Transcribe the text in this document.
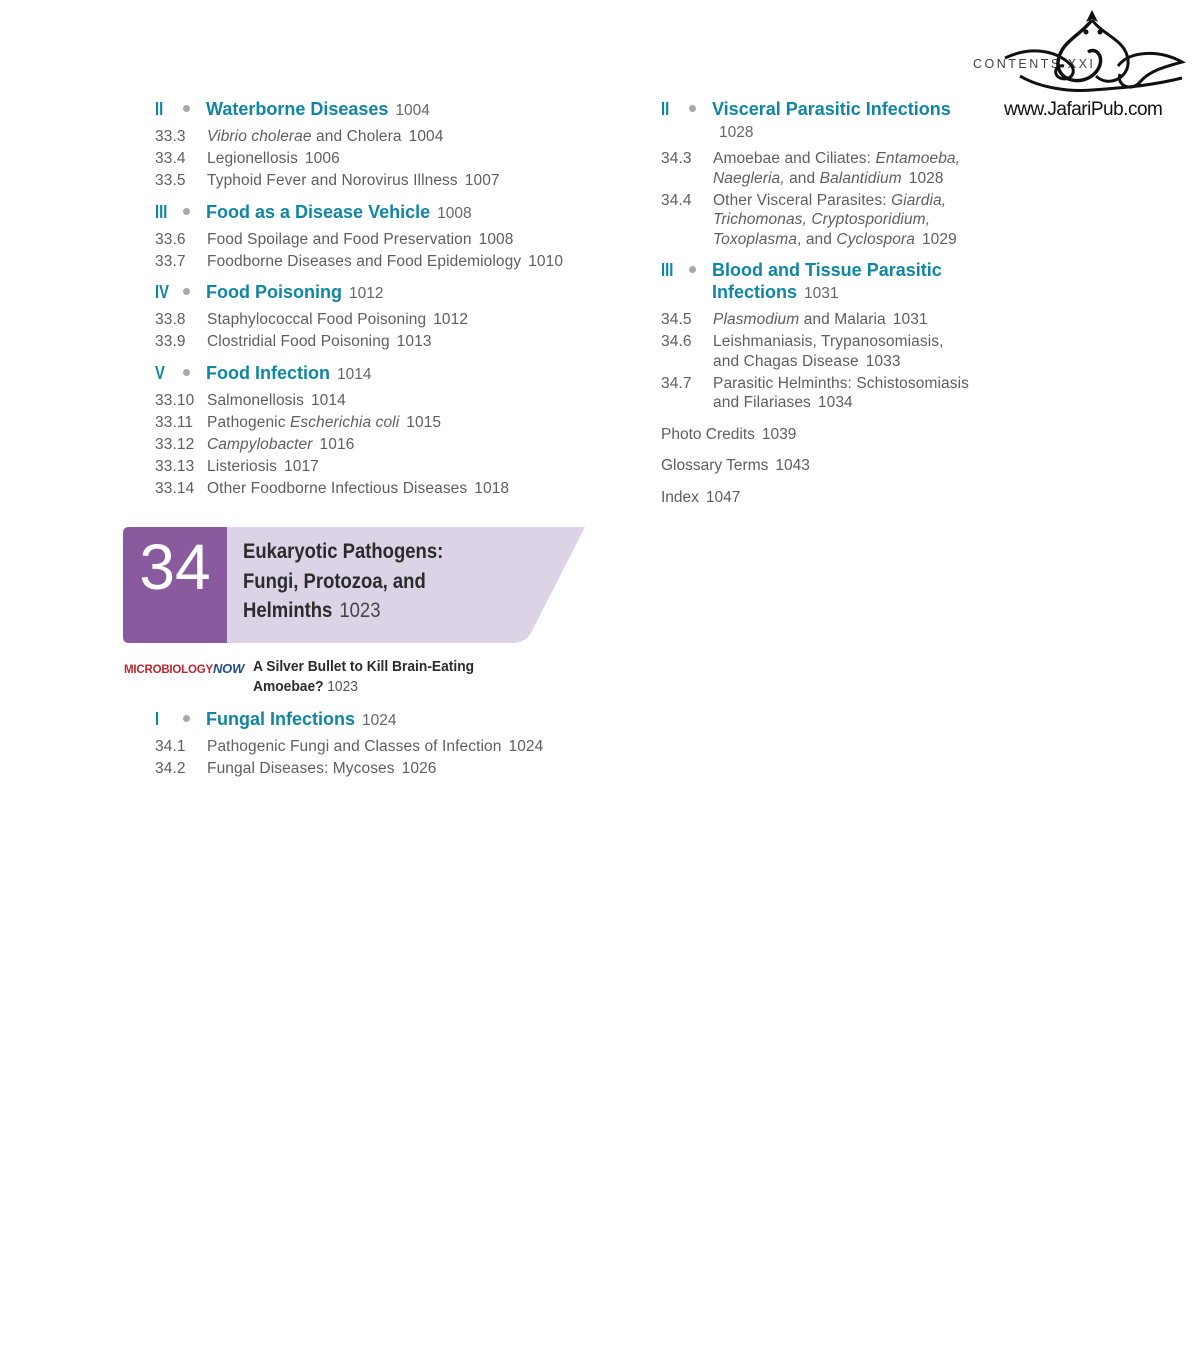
CONTENTS XXI
www.JafariPub.com
II	Waterborne Diseases 1004
33.3	Vibrio cholerae and Cholera 1004
33.4	Legionellosis 1006
33.5	Typhoid Fever and Norovirus Illness 1007
III	Food as a Disease Vehicle 1008
33.6	Food Spoilage and Food Preservation 1008
33.7	Foodborne Diseases and Food Epidemiology 1010
IV	Food Poisoning 1012
33.8	Staphylococcal Food Poisoning 1012
33.9	Clostridial Food Poisoning 1013
V	Food Infection 1014
33.10 Salmonellosis 1014
33.11 Pathogenic Escherichia coli 1015
33.12 Campylobacter 1016
33.13 Listeriosis 1017
33.14 Other Foodborne Infectious Diseases 1018
34	Eukaryotic Pathogens:
Fungi, Protozoa, and
Helminths 1023
MICROBIOLOGYNOW A Silver Bullet to Kill Brain-Eating
Amoebae? 1023
I	Fungal Infections 1024
34.1	Pathogenic Fungi and Classes of Infection 1024
34.2	Fungal Diseases: Mycoses 1026
II	Visceral Parasitic Infections1028
34.3	Amoebae and Ciliates: Entamoeba,
Naegleria, and Balantidium 1028
34.4	Other Visceral Parasites: Giardia,
Trichomonas, Cryptosporidium,
Toxoplasma, and Cyclospora 1029
III	Blood and Tissue Parasitic
Infections 1031
34.5	Plasmodium and Malaria 1031
34.6	Leishmaniasis, Trypanosomiasis,
and Chagas Disease 1033
34.7	Parasitic Helminths: Schistosomiasis
and Filariases 1034
Photo Credits 1039
Glossary Terms 1043
Index 1047
